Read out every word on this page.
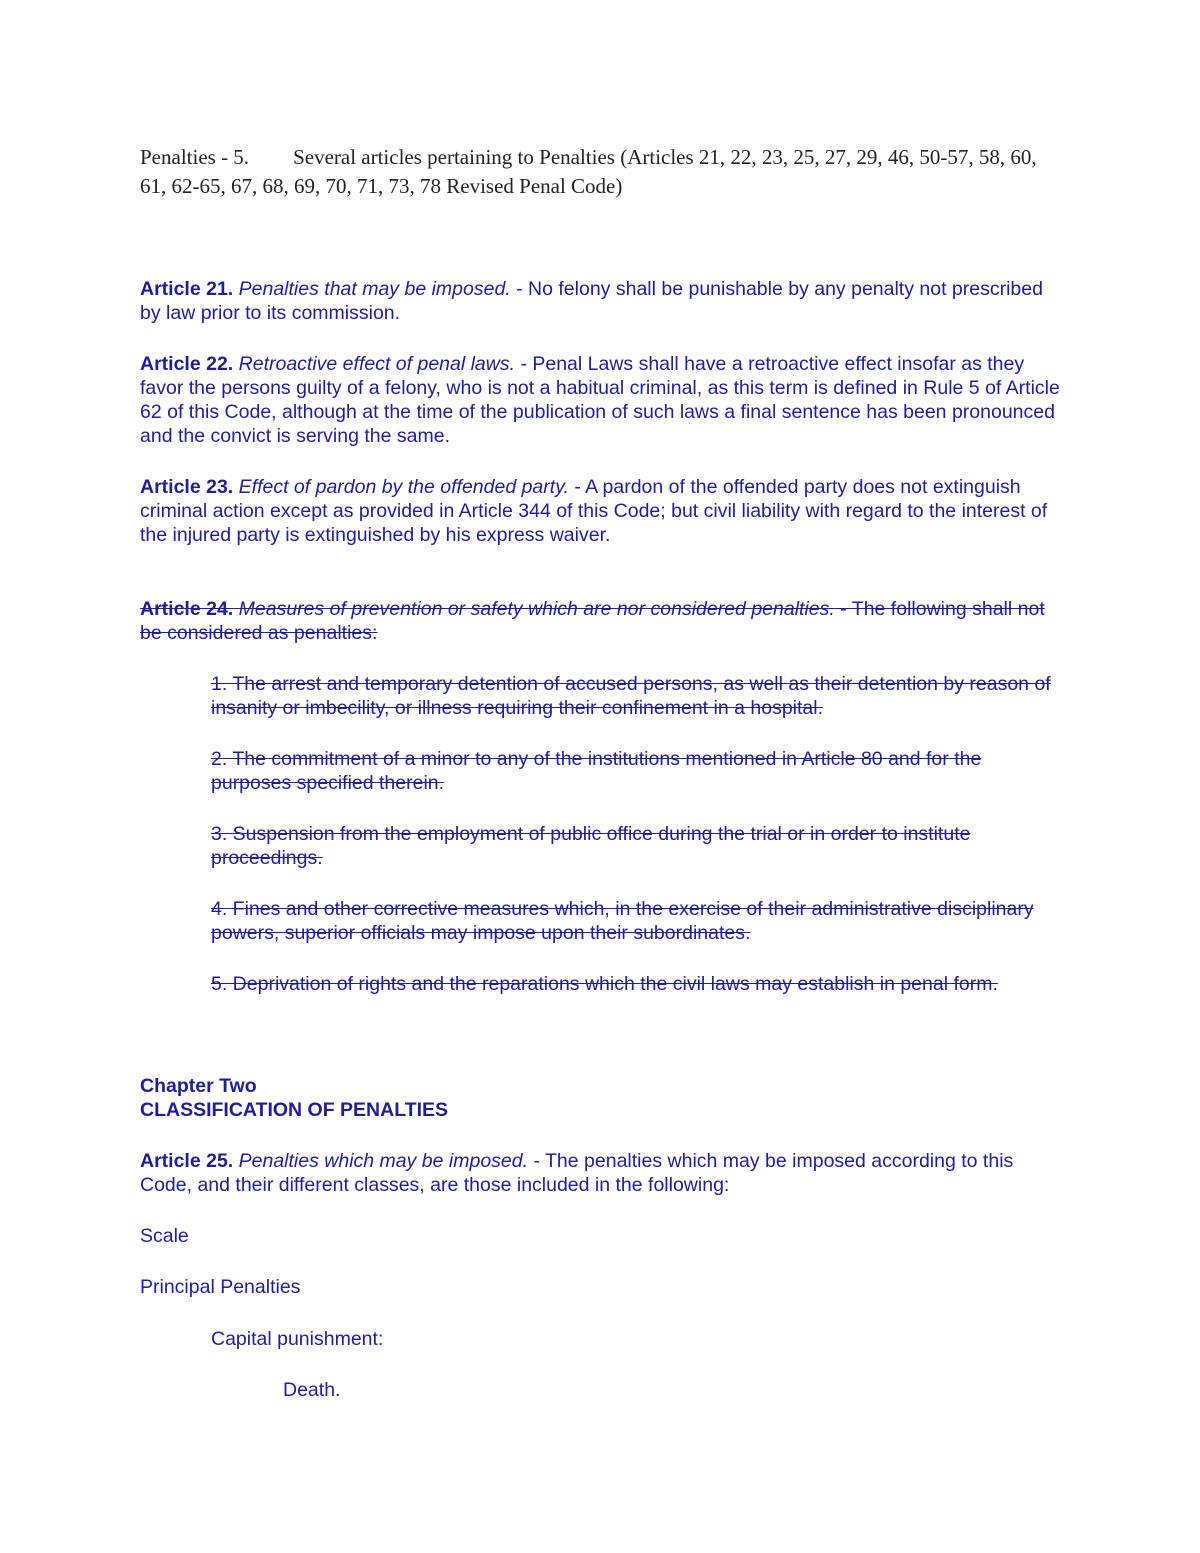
Penalties - 5. Several articles pertaining to Penalties (Articles 21, 22, 23, 25, 27, 29, 46, 50-57, 58, 60, 61, 62-65, 67, 68, 69, 70, 71, 73, 78 Revised Penal Code)
Article 21. Penalties that may be imposed. - No felony shall be punishable by any penalty not prescribed by law prior to its commission.
Article 22. Retroactive effect of penal laws. - Penal Laws shall have a retroactive effect insofar as they favor the persons guilty of a felony, who is not a habitual criminal, as this term is defined in Rule 5 of Article 62 of this Code, although at the time of the publication of such laws a final sentence has been pronounced and the convict is serving the same.
Article 23. Effect of pardon by the offended party. - A pardon of the offended party does not extinguish criminal action except as provided in Article 344 of this Code; but civil liability with regard to the interest of the injured party is extinguished by his express waiver.
Article 24. Measures of prevention or safety which are nor considered penalties. - The following shall not be considered as penalties:
1. The arrest and temporary detention of accused persons, as well as their detention by reason of insanity or imbecility, or illness requiring their confinement in a hospital.
2. The commitment of a minor to any of the institutions mentioned in Article 80 and for the purposes specified therein.
3. Suspension from the employment of public office during the trial or in order to institute proceedings.
4. Fines and other corrective measures which, in the exercise of their administrative disciplinary powers, superior officials may impose upon their subordinates.
5. Deprivation of rights and the reparations which the civil laws may establish in penal form.
Chapter Two
CLASSIFICATION OF PENALTIES
Article 25. Penalties which may be imposed. - The penalties which may be imposed according to this Code, and their different classes, are those included in the following:
Scale
Principal Penalties
Capital punishment:
Death.
